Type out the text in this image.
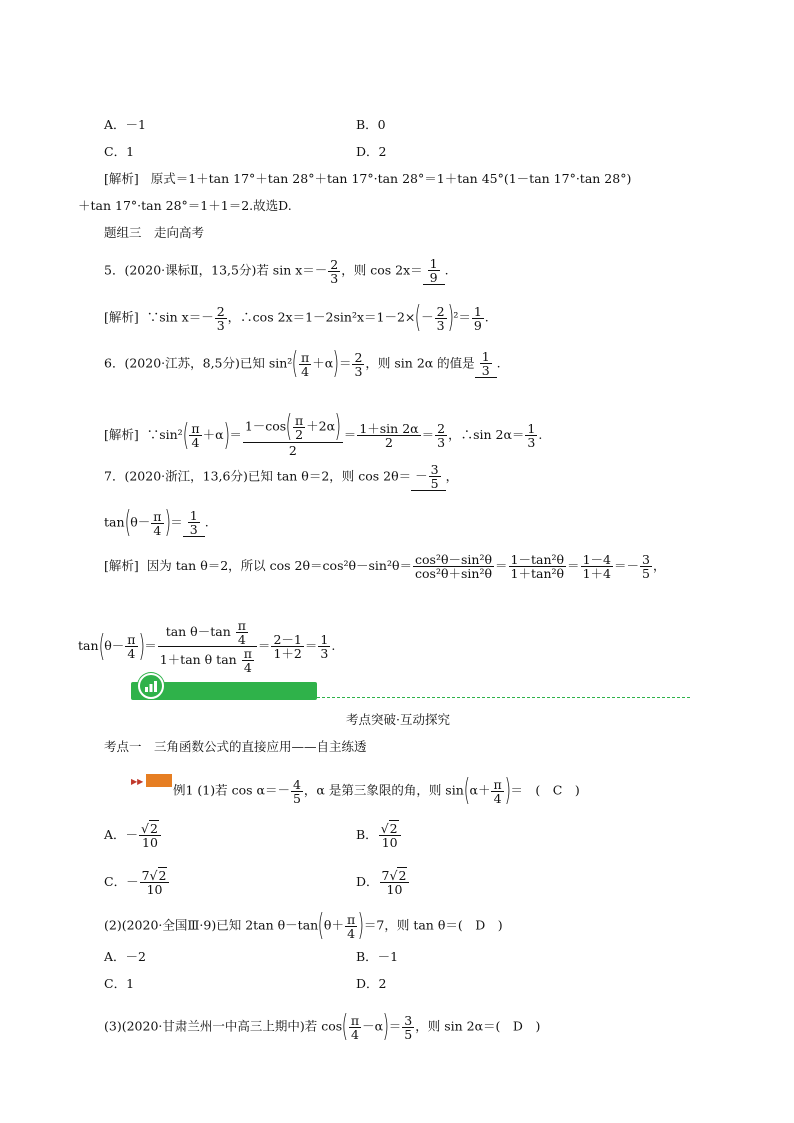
A．－1	B．0
C．1	D．2
[解析] 原式＝1＋tan 17°＋tan 28°＋tan 17°·tan 28°＝1＋tan 45°(1－tan 17°·tan 28°)
＋tan 17°·tan 28°＝1＋1＝2.故选D.
题组三　走向高考
5．(2020·课标Ⅱ，13,5分)若 $\sin x=- \frac{2}{3}$ ，则 $\cos 2x= \frac{1}{9}$ .
[解析] ∵sin $x=- \frac{2}{3}$ ，∴cos $2x=1-2\sin^2x=1-2\times(- \frac{2}{3} )^2= \frac{1}{9}$ .
6．(2020·江苏，8,5分)已知 $\sin^2( \frac{\pi}{4} +\alpha)= \frac{2}{3}$ ，则 sin 2α 的值是 $\frac{1}{3}$ .
[解析] ∵sin²( $\frac{\pi}{4} +\alpha)= \frac{1-\cos( \frac{\pi}{2} +2\alpha)}{2} = \frac{1+\sin 2\alpha}{2} = \frac{2}{3}$ ，∴sin $2\alpha= \frac{1}{3}$ .
7．(2020·浙江，13,6分)已知 tan θ＝2，则 $\cos 2\theta= - \frac{3}{5}$ ，
$\tan(\theta- \frac{\pi}{4}$ )＝ $\frac{1}{3}$ .
[解析] 因为 tan θ＝2，所以 $\cos 2\theta=\cos^2\theta-\sin^2\theta= \frac{\text{cos²θ－sin²θ}}{\text{cos²θ＋sin²θ}} = \frac{\text{1－tan²θ}}{\text{1＋tan²θ}} = \frac{1-4}{1+4} =- \frac{3}{5}$ ，
$\tan(\theta- \frac{\pi}{4}$ )＝ $\frac{\tan \theta-\tan \frac{\pi}{4}}{1+\tan \theta \tan \frac{\pi}{4}} = \frac{2-1}{1+2} = \frac{1}{3}$ .
考点突破·互动探究
考点一　三角函数公式的直接应用——自主练透
▶▶
例1 (1)若 $\cos \alpha=- \frac{4}{5}$ ，α 是第三象限的角，则 $\sin(\alpha+ \frac{\pi}{4}$ )＝　(　C　)
A．－ $\frac{√2}{10}$	B． $\frac{√2}{10}$
C．－ $\frac{7√2}{10}$	D． $\frac{7√2}{10}$
(2)(2020·全国Ⅲ·9)已知 2tan $\theta-\tan(\theta+ \frac{\pi}{4} )=7$，则 tan θ＝(　D　)
A．－2	B．－1
C．1	D．2
(3)(2020·甘肃兰州一中高三上期中)若 $\cos( \frac{\pi}{4} -\alpha)= \frac{3}{5}$ ，则 sin 2α＝(　D　)
